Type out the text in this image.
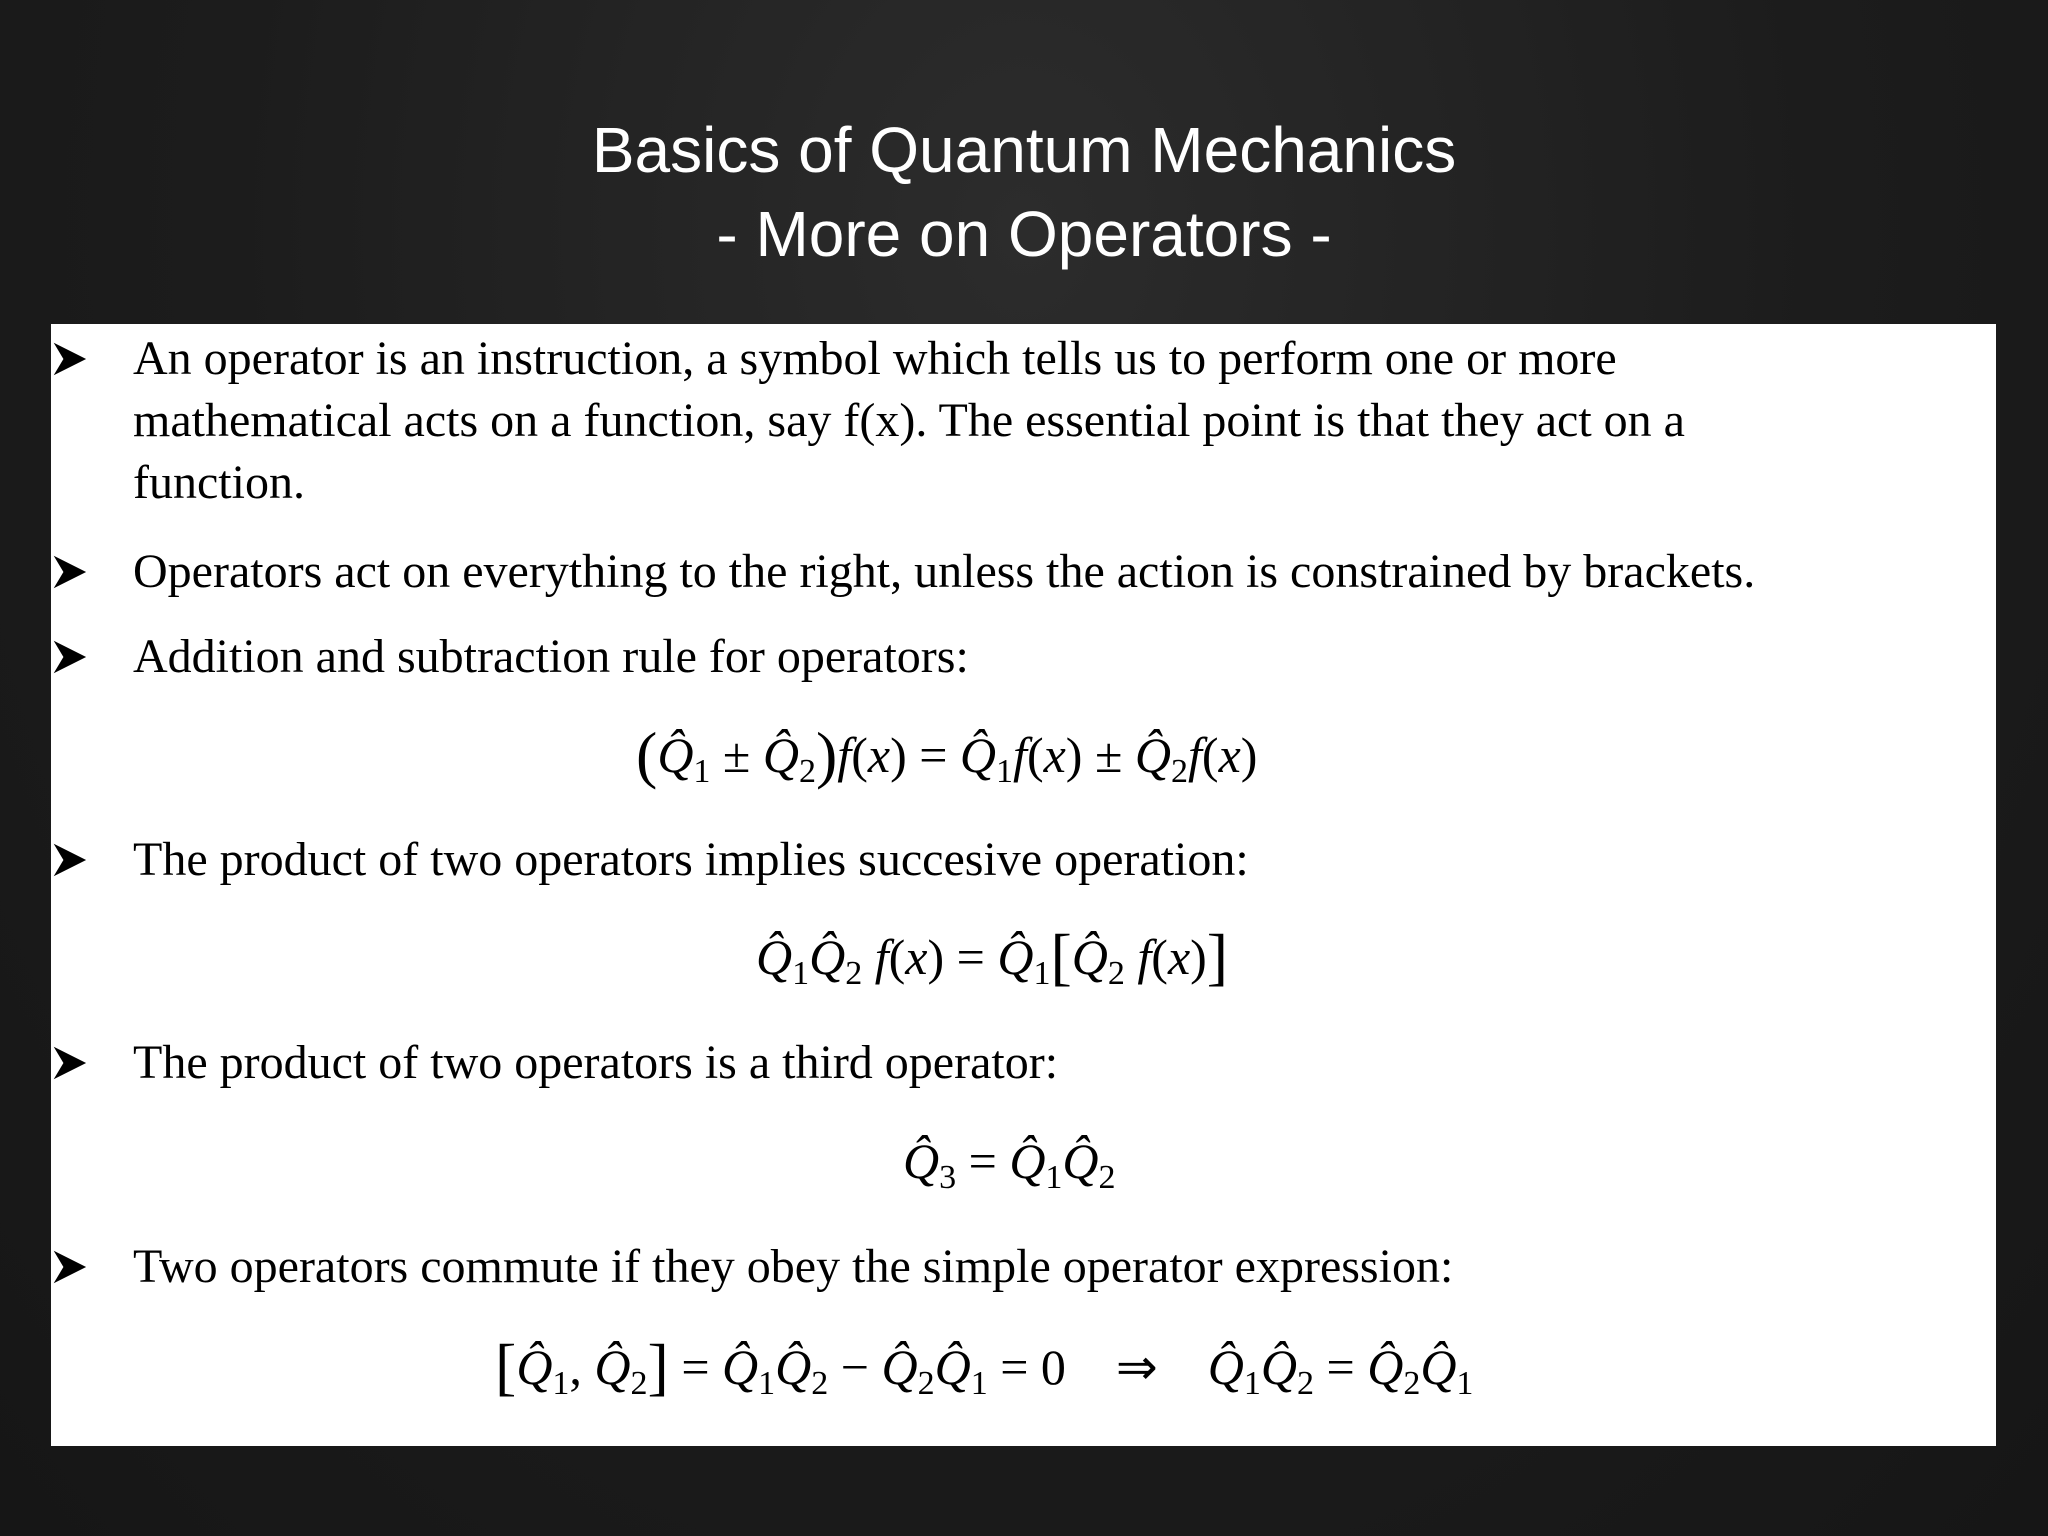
Basics of Quantum Mechanics
- More on Operators -
An operator is an instruction, a symbol which tells us to perform one or more
mathematical acts on a function, say f(x). The essential point is that they act on a
function.
Operators act on everything to the right, unless the action is constrained by brackets.
Addition and subtraction rule for operators:
($Q̂_1$ ± $Q̂_2)f(x)$ = $Q̂_1f(x)$ ± $Q̂_2f(x)$
The product of two operators implies succesive operation:
$Q̂_1Q̂_2$ $f(x) = Q̂_1[Q̂_2$ f(x)]
The product of two operators is a third operator:
$Q̂_3$ = $Q̂_1Q̂_2$
Two operators commute if they obey the simple operator expression:
[$Q̂_1$, $Q̂_2$] = $Q̂_1Q̂_2$ − $Q̂_2Q̂_1 = 0$    ⇒    $Q̂_1Q̂_2$ = $Q̂_2Q̂_1$
